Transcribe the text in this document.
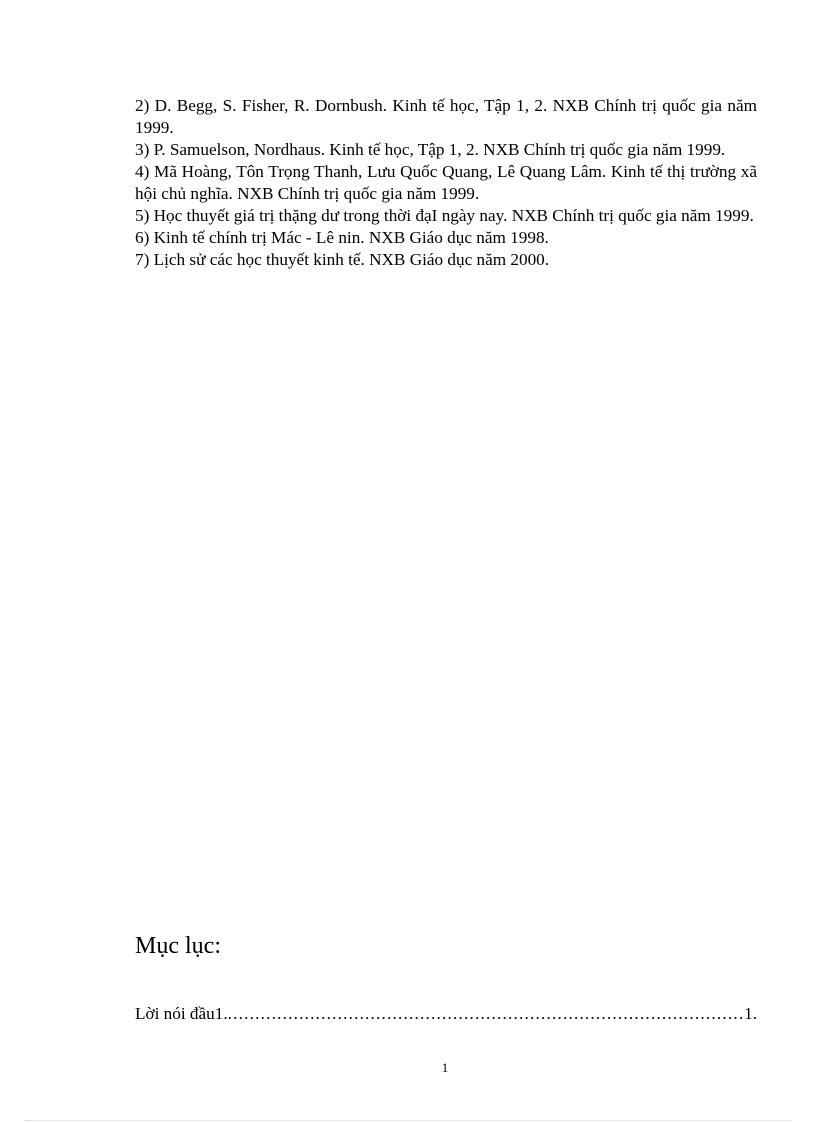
2) D. Begg, S. Fisher, R. Dornbush. Kinh tế học, Tập 1, 2. NXB Chính trị quốc gia năm 1999.

3) P. Samuelson, Nordhaus. Kinh tế học, Tập 1, 2. NXB Chính trị quốc gia năm 1999.

4) Mã Hoàng, Tôn Trọng Thanh, Lưu Quốc Quang, Lê Quang Lâm. Kinh tế thị trường xã hội chủ nghĩa. NXB Chính trị quốc gia năm 1999.

5) Học thuyết giá trị thặng dư trong thời đạI ngày nay. NXB Chính trị quốc gia năm 1999.

6) Kinh tế chính trị Mác - Lê nin. NXB Giáo dục năm 1998.

7) Lịch sử các học thuyết kinh tế. NXB Giáo dục năm 2000.

Mục lục:
Lời nói đầu1.
.....	1.
1
